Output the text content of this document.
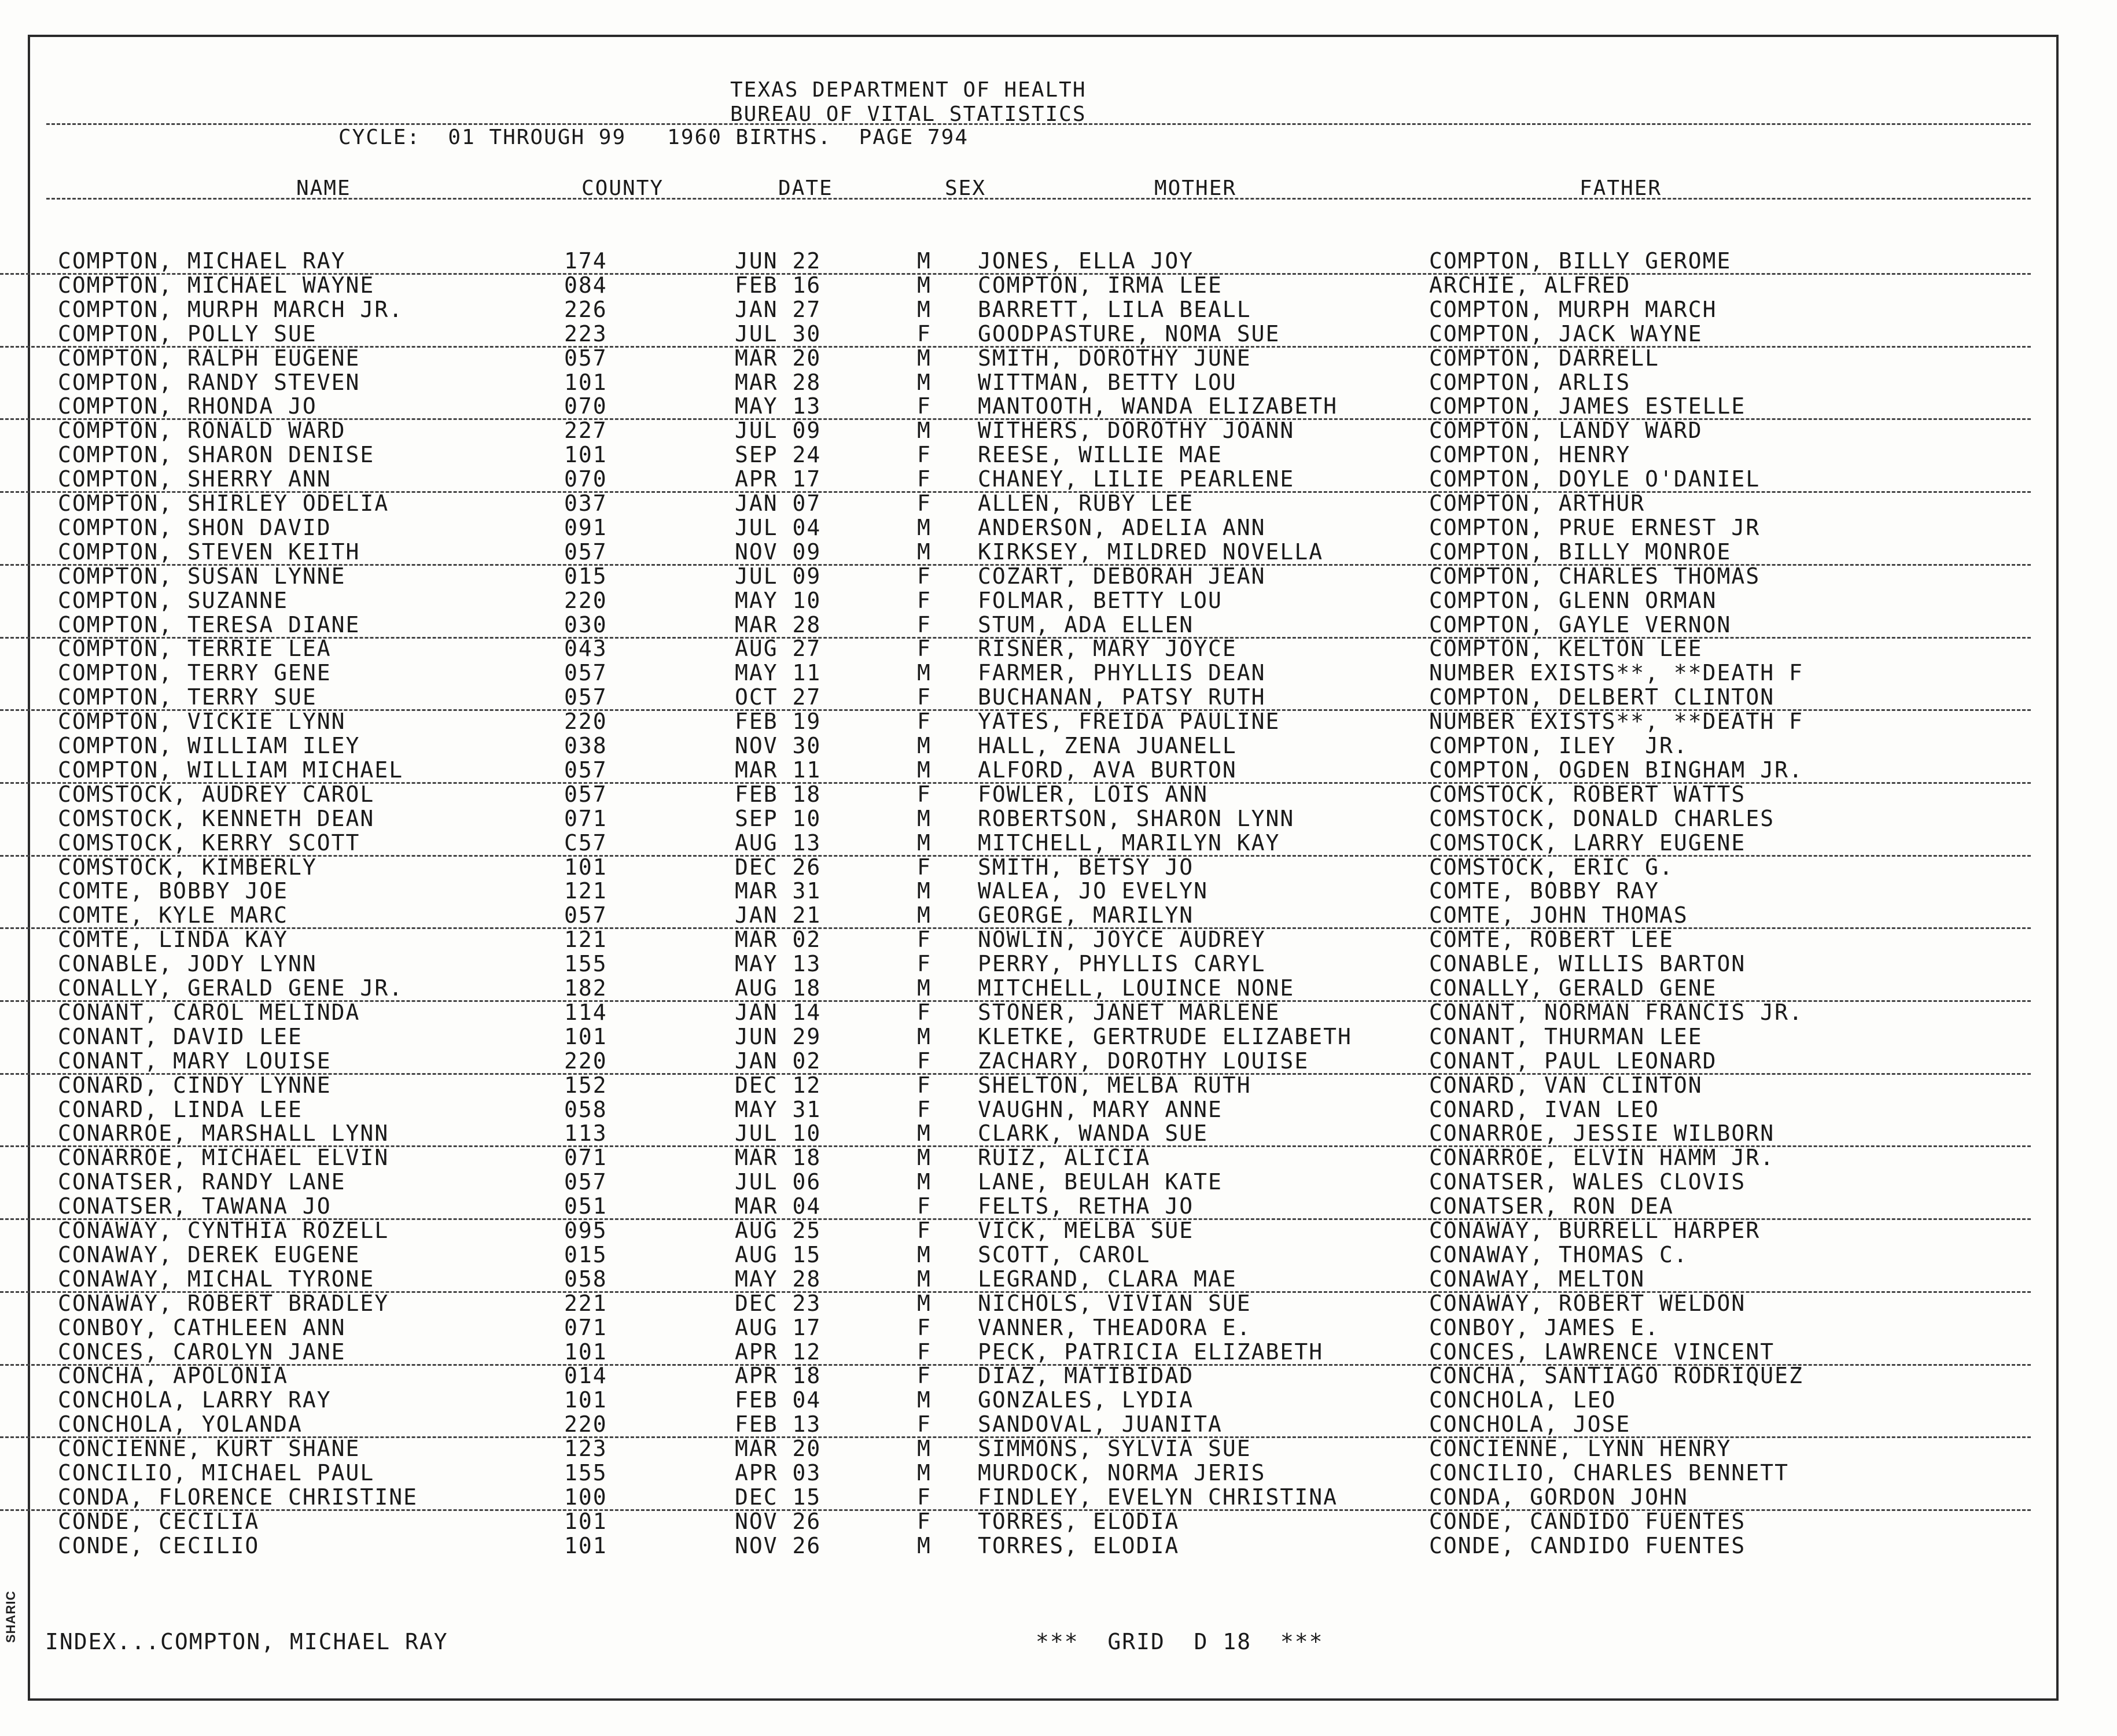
SHARIC
TEXAS DEPARTMENT OF HEALTH
BUREAU OF VITAL STATISTICS
CYCLE:  01 THROUGH 99   1960 BIRTHS.  PAGE 794
NAME	COUNTY	DATE	SEX	MOTHER	FATHER
COMPTON, MICHAEL RAY	174	JUN 22	M JONES, ELLA JOY	COMPTON, BILLY GEROME
COMPTON, MICHAEL WAYNE	084	FEB 16	M COMPTON, IRMA LEE	ARCHIE, ALFRED
COMPTON, MURPH MARCH JR.	226	JAN 27	M BARRETT, LILA BEALL	COMPTON, MURPH MARCH
COMPTON, POLLY SUE	223	JUL 30	F GOODPASTURE, NOMA SUE	COMPTON, JACK WAYNE
COMPTON, RALPH EUGENE	057	MAR 20	M SMITH, DOROTHY JUNE	COMPTON, DARRELL
COMPTON, RANDY STEVEN	101	MAR 28	M WITTMAN, BETTY LOU	COMPTON, ARLIS
COMPTON, RHONDA JO	070	MAY 13	F MANTOOTH, WANDA ELIZABETH	COMPTON, JAMES ESTELLE
COMPTON, RONALD WARD	227	JUL 09	M WITHERS, DOROTHY JOANN	COMPTON, LANDY WARD
COMPTON, SHARON DENISE	101	SEP 24	F REESE, WILLIE MAE	COMPTON, HENRY
COMPTON, SHERRY ANN	070	APR 17	F CHANEY, LILIE PEARLENE	COMPTON, DOYLE O'DANIEL
COMPTON, SHIRLEY ODELIA	037	JAN 07	F ALLEN, RUBY LEE	COMPTON, ARTHUR
COMPTON, SHON DAVID	091	JUL 04	M ANDERSON, ADELIA ANN	COMPTON, PRUE ERNEST JR
COMPTON, STEVEN KEITH	057	NOV 09	M KIRKSEY, MILDRED NOVELLA	COMPTON, BILLY MONROE
COMPTON, SUSAN LYNNE	015	JUL 09	F COZART, DEBORAH JEAN	COMPTON, CHARLES THOMAS
COMPTON, SUZANNE	220	MAY 10	F FOLMAR, BETTY LOU	COMPTON, GLENN ORMAN
COMPTON, TERESA DIANE	030	MAR 28	F STUM, ADA ELLEN	COMPTON, GAYLE VERNON
COMPTON, TERRIE LEA	043	AUG 27	F RISNER, MARY JOYCE	COMPTON, KELTON LEE
COMPTON, TERRY GENE	057	MAY 11	M FARMER, PHYLLIS DEAN	NUMBER EXISTS**, **DEATH F
COMPTON, TERRY SUE	057	OCT 27	F BUCHANAN, PATSY RUTH	COMPTON, DELBERT CLINTON
COMPTON, VICKIE LYNN	220	FEB 19	F YATES, FREIDA PAULINE	NUMBER EXISTS**, **DEATH F
COMPTON, WILLIAM ILEY	038	NOV 30	M HALL, ZENA JUANELL	COMPTON, ILEY  JR.
COMPTON, WILLIAM MICHAEL	057	MAR 11	M ALFORD, AVA BURTON	COMPTON, OGDEN BINGHAM JR.
COMSTOCK, AUDREY CAROL	057	FEB 18	F FOWLER, LOIS ANN	COMSTOCK, ROBERT WATTS
COMSTOCK, KENNETH DEAN	071	SEP 10	M ROBERTSON, SHARON LYNN	COMSTOCK, DONALD CHARLES
COMSTOCK, KERRY SCOTT	C57	AUG 13	M MITCHELL, MARILYN KAY	COMSTOCK, LARRY EUGENE
COMSTOCK, KIMBERLY	101	DEC 26	F SMITH, BETSY JO	COMSTOCK, ERIC G.
COMTE, BOBBY JOE	121	MAR 31	M WALEA, JO EVELYN	COMTE, BOBBY RAY
COMTE, KYLE MARC	057	JAN 21	M GEORGE, MARILYN	COMTE, JOHN THOMAS
COMTE, LINDA KAY	121	MAR 02	F NOWLIN, JOYCE AUDREY	COMTE, ROBERT LEE
CONABLE, JODY LYNN	155	MAY 13	F PERRY, PHYLLIS CARYL	CONABLE, WILLIS BARTON
CONALLY, GERALD GENE JR.	182	AUG 18	M MITCHELL, LOUINCE NONE	CONALLY, GERALD GENE
CONANT, CAROL MELINDA	114	JAN 14	F STONER, JANET MARLENE	CONANT, NORMAN FRANCIS JR.
CONANT, DAVID LEE	101	JUN 29	M KLETKE, GERTRUDE ELIZABETH	CONANT, THURMAN LEE
CONANT, MARY LOUISE	220	JAN 02	F ZACHARY, DOROTHY LOUISE	CONANT, PAUL LEONARD
CONARD, CINDY LYNNE	152	DEC 12	F SHELTON, MELBA RUTH	CONARD, VAN CLINTON
CONARD, LINDA LEE	058	MAY 31	F VAUGHN, MARY ANNE	CONARD, IVAN LEO
CONARROE, MARSHALL LYNN	113	JUL 10	M CLARK, WANDA SUE	CONARROE, JESSIE WILBORN
CONARROE, MICHAEL ELVIN	071	MAR 18	M RUIZ, ALICIA	CONARROE, ELVIN HAMM JR.
CONATSER, RANDY LANE	057	JUL 06	M LANE, BEULAH KATE	CONATSER, WALES CLOVIS
CONATSER, TAWANA JO	051	MAR 04	F FELTS, RETHA JO	CONATSER, RON DEA
CONAWAY, CYNTHIA ROZELL	095	AUG 25	F VICK, MELBA SUE	CONAWAY, BURRELL HARPER
CONAWAY, DEREK EUGENE	015	AUG 15	M SCOTT, CAROL	CONAWAY, THOMAS C.
CONAWAY, MICHAL TYRONE	058	MAY 28	M LEGRAND, CLARA MAE	CONAWAY, MELTON
CONAWAY, ROBERT BRADLEY	221	DEC 23	M NICHOLS, VIVIAN SUE	CONAWAY, ROBERT WELDON
CONBOY, CATHLEEN ANN	071	AUG 17	F VANNER, THEADORA E.	CONBOY, JAMES E.
CONCES, CAROLYN JANE	101	APR 12	F PECK, PATRICIA ELIZABETH	CONCES, LAWRENCE VINCENT
CONCHA, APOLONIA	014	APR 18	F DIAZ, MATIBIDAD	CONCHA, SANTIAGO RODRIQUEZ
CONCHOLA, LARRY RAY	101	FEB 04	M GONZALES, LYDIA	CONCHOLA, LEO
CONCHOLA, YOLANDA	220	FEB 13	F SANDOVAL, JUANITA	CONCHOLA, JOSE
CONCIENNE, KURT SHANE	123	MAR 20	M SIMMONS, SYLVIA SUE	CONCIENNE, LYNN HENRY
CONCILIO, MICHAEL PAUL	155	APR 03	M MURDOCK, NORMA JERIS	CONCILIO, CHARLES BENNETT
CONDA, FLORENCE CHRISTINE	100	DEC 15	F FINDLEY, EVELYN CHRISTINA	CONDA, GORDON JOHN
CONDE, CECILIA	101	NOV 26	F TORRES, ELODIA	CONDE, CANDIDO FUENTES
CONDE, CECILIO	101	NOV 26	M TORRES, ELODIA	CONDE, CANDIDO FUENTES
INDEX...COMPTON, MICHAEL RAY	***  GRID  D 18  ***
